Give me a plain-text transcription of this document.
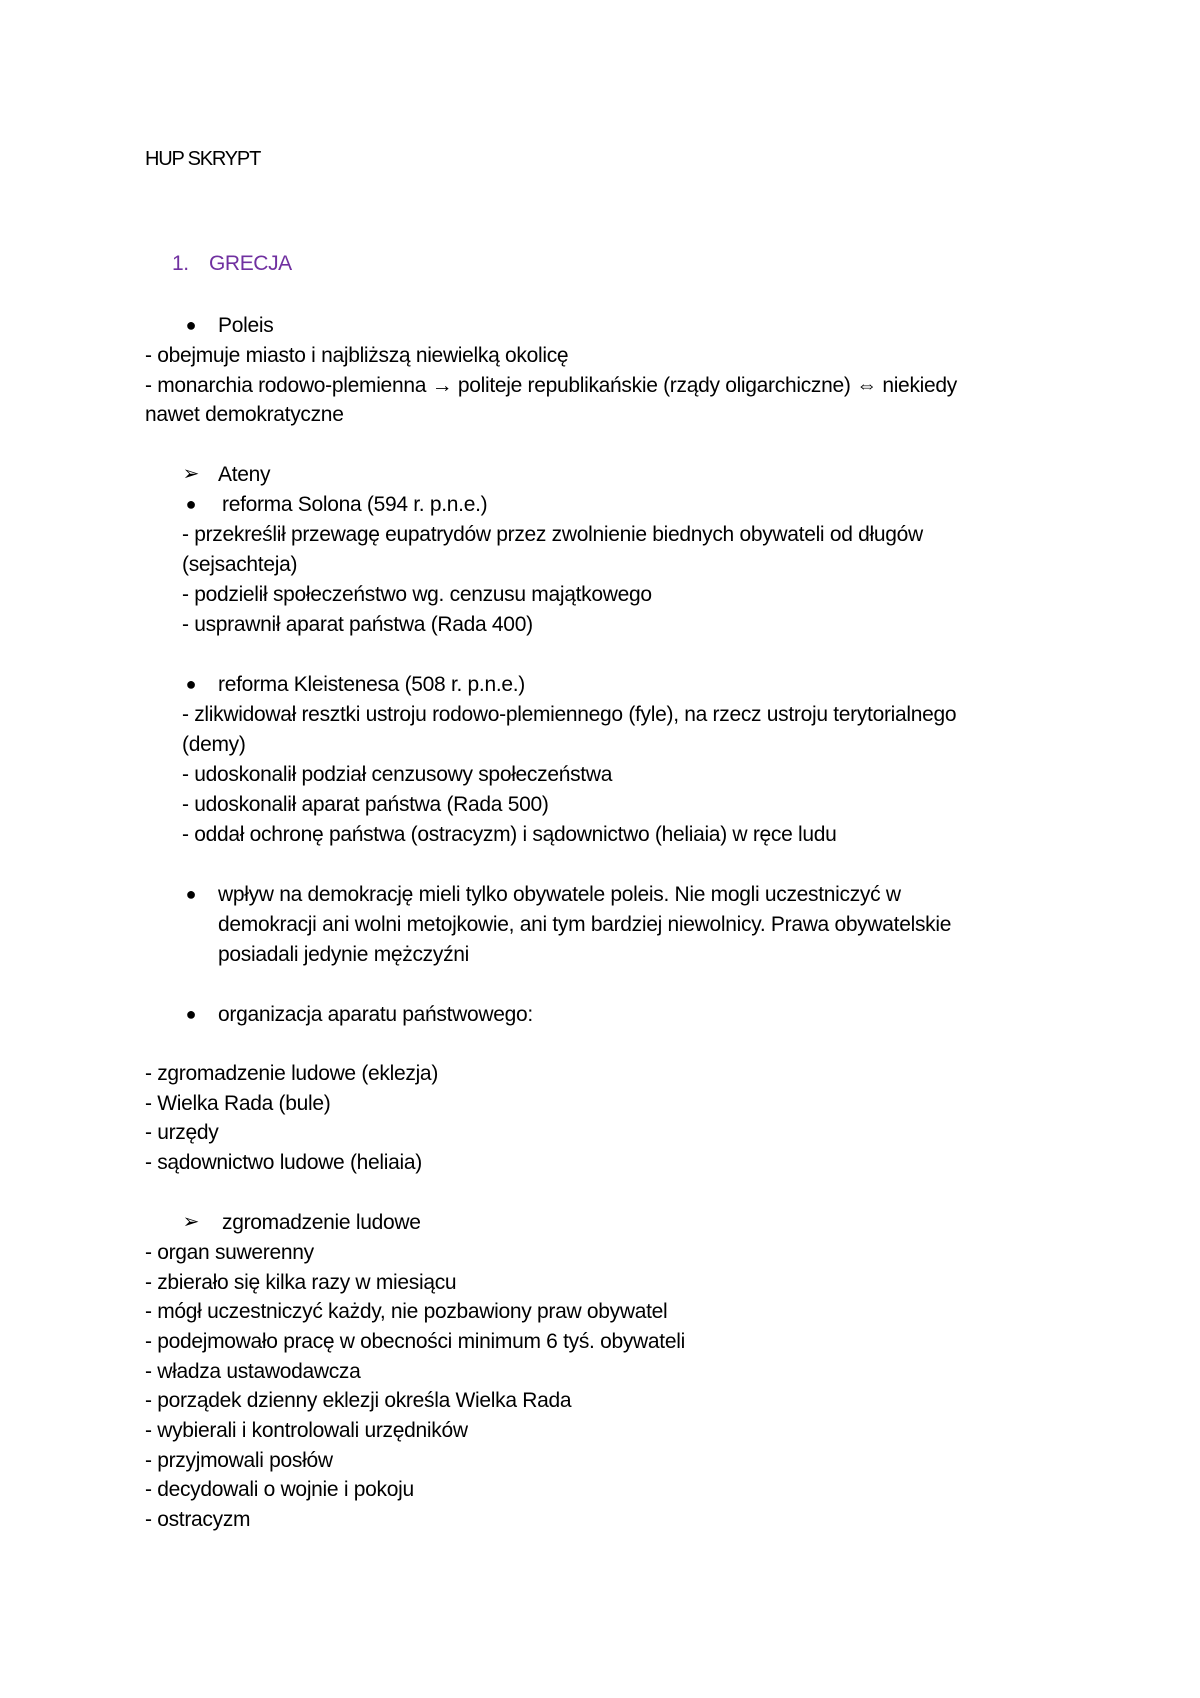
HUP SKRYPT
1. GRECJA
● Poleis
- obejmuje miasto i najbliższą niewielką okolicę
- monarchia rodowo-plemienna → politeje republikańskie (rządy oligarchiczne) ⇔ niekiedy
nawet demokratyczne
➢ Ateny
● reforma Solona (594 r. p.n.e.)
- przekreślił przewagę eupatrydów przez zwolnienie biednych obywateli od długów
(sejsachteja)
- podzielił społeczeństwo wg. cenzusu majątkowego
- usprawnił aparat państwa (Rada 400)
● reforma Kleistenesa (508 r. p.n.e.)
- zlikwidował resztki ustroju rodowo-plemiennego (fyle), na rzecz ustroju terytorialnego
(demy)
- udoskonalił podział cenzusowy społeczeństwa
- udoskonalił aparat państwa (Rada 500)
- oddał ochronę państwa (ostracyzm) i sądownictwo (heliaia) w ręce ludu
● wpływ na demokrację mieli tylko obywatele poleis. Nie mogli uczestniczyć w
demokracji ani wolni metojkowie, ani tym bardziej niewolnicy. Prawa obywatelskie
posiadali jedynie mężczyźni
● organizacja aparatu państwowego:
- zgromadzenie ludowe (eklezja)
- Wielka Rada (bule)
- urzędy
- sądownictwo ludowe (heliaia)
➢ zgromadzenie ludowe
- organ suwerenny
- zbierało się kilka razy w miesiącu
- mógł uczestniczyć każdy, nie pozbawiony praw obywatel
- podejmowało pracę w obecności minimum 6 tyś. obywateli
- władza ustawodawcza
- porządek dzienny eklezji określa Wielka Rada
- wybierali i kontrolowali urzędników
- przyjmowali posłów
- decydowali o wojnie i pokoju
- ostracyzm
